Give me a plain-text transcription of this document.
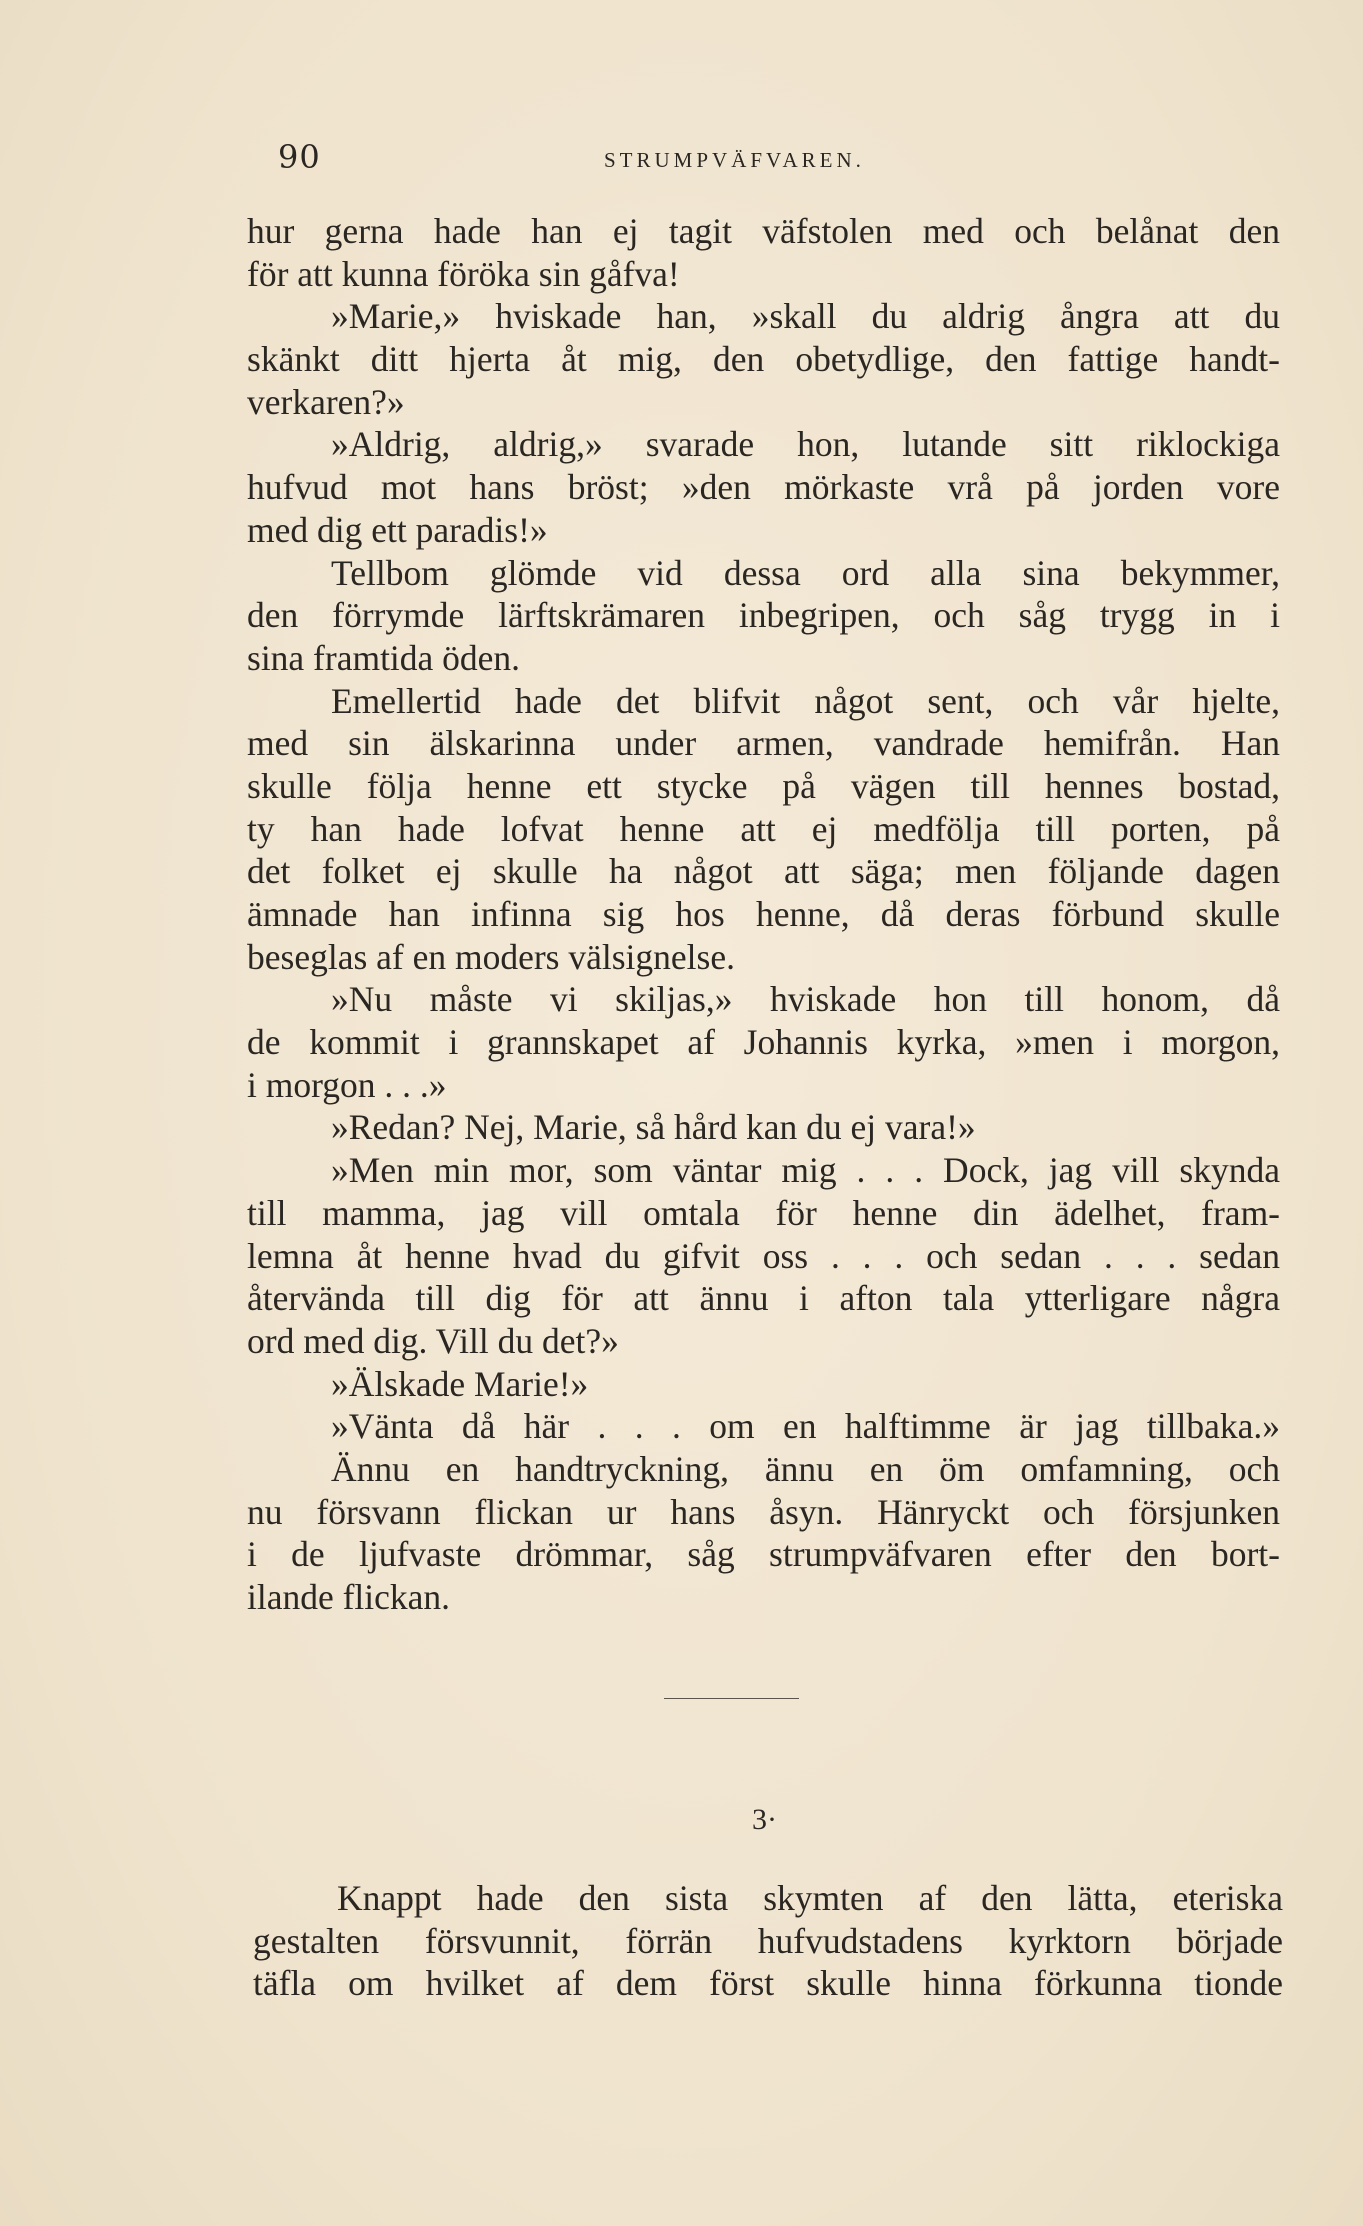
90	STRUMPVÄFVAREN.
hur gerna hade han ej tagit väfstolen med och belånat den
för att kunna föröka sin gåfva!
»Marie,» hviskade han, »skall du aldrig ångra att du
skänkt ditt hjerta åt mig, den obetydlige, den fattige handt-
verkaren?»
»Aldrig, aldrig,» svarade hon, lutande sitt riklockiga
hufvud mot hans bröst; »den mörkaste vrå på jorden vore
med dig ett paradis!»
Tellbom glömde vid dessa ord alla sina bekymmer,
den förrymde lärftskrämaren inbegripen, och såg trygg in i
sina framtida öden.
Emellertid hade det blifvit något sent, och vår hjelte,
med sin älskarinna under armen, vandrade hemifrån. Han
skulle följa henne ett stycke på vägen till hennes bostad,
ty han hade lofvat henne att ej medfölja till porten, på
det folket ej skulle ha något att säga; men följande dagen
ämnade han infinna sig hos henne, då deras förbund skulle
beseglas af en moders välsignelse.
»Nu måste vi skiljas,» hviskade hon till honom, då
de kommit i grannskapet af Johannis kyrka, »men i morgon,
i morgon . . .»
»Redan? Nej, Marie, så hård kan du ej vara!»
»Men min mor, som väntar mig . . . Dock, jag vill skynda
till mamma, jag vill omtala för henne din ädelhet, fram-
lemna åt henne hvad du gifvit oss . . . och sedan . . . sedan
återvända till dig för att ännu i afton tala ytterligare några
ord med dig. Vill du det?»
»Älskade Marie!»
»Vänta då här . . . om en halftimme är jag tillbaka.»
Ännu en handtryckning, ännu en öm omfamning, och
nu försvann flickan ur hans åsyn. Hänryckt och försjunken
i de ljufvaste drömmar, såg strumpväfvaren efter den bort-
ilande flickan.
3·
Knappt hade den sista skymten af den lätta, eteriska
gestalten försvunnit, förrän hufvudstadens kyrktorn började
täfla om hvilket af dem först skulle hinna förkunna tionde
